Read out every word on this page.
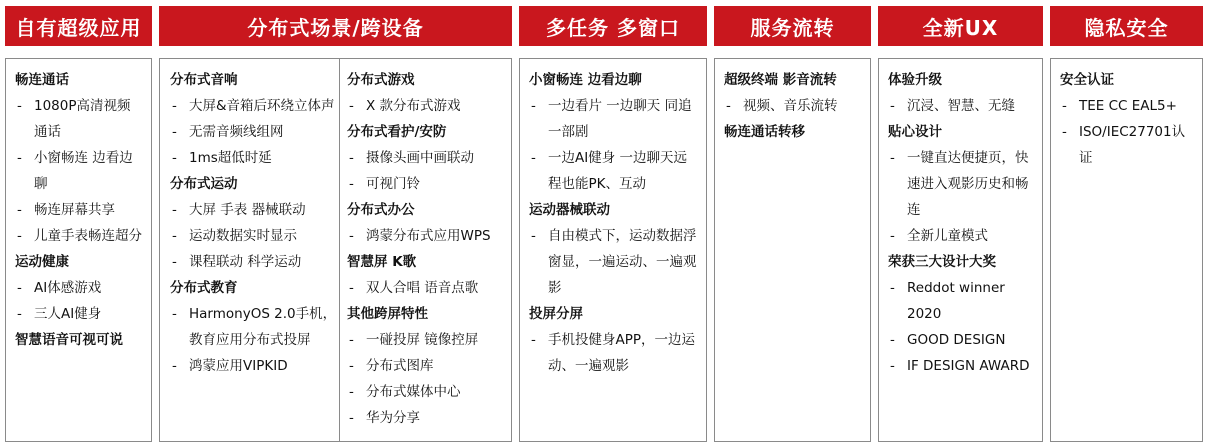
自有超级应用	分布式场景/跨设备	多任务 多窗口	服务流转	全新UX	隐私安全
畅连通话
- 1080P高清视频通话
- 小窗畅连 边看边聊
- 畅连屏幕共享
- 儿童手表畅连超分
运动健康
- AI体感游戏
- 三人AI健身
智慧语音可视可说
分布式音响
- 大屏&音箱后环绕立体声
- 无需音频线组网
- 1ms超低时延
分布式运动
- 大屏 手表 器械联动
- 运动数据实时显示
- 课程联动 科学运动
分布式教育
- HarmonyOS 2.0手机，教育应用分布式投屏
- 鸿蒙应用VIPKID
分布式游戏
- X 款分布式游戏
分布式看护/安防
- 摄像头画中画联动
- 可视门铃
分布式办公
- 鸿蒙分布式应用WPS
智慧屏 K歌
- 双人合唱 语音点歌
其他跨屏特性
- 一碰投屏 镜像控屏
- 分布式图库
- 分布式媒体中心
- 华为分享
小窗畅连 边看边聊
- 一边看片 一边聊天 同追一部剧
- 一边AI健身 一边聊天远程也能PK、互动
运动器械联动
- 自由模式下，运动数据浮窗显，一遍运动、一遍观影
投屏分屏
- 手机投健身APP，一边运动、一遍观影
超级终端 影音流转
- 视频、音乐流转
畅连通话转移
体验升级
- 沉浸、智慧、无缝
贴心设计
- 一键直达便捷页，快速进入观影历史和畅连
- 全新儿童模式
荣获三大设计大奖
- Reddot winner 2020
- GOOD DESIGN
- IF DESIGN AWARD
安全认证
- TEE CC EAL5+
- ISO/IEC27701认证
